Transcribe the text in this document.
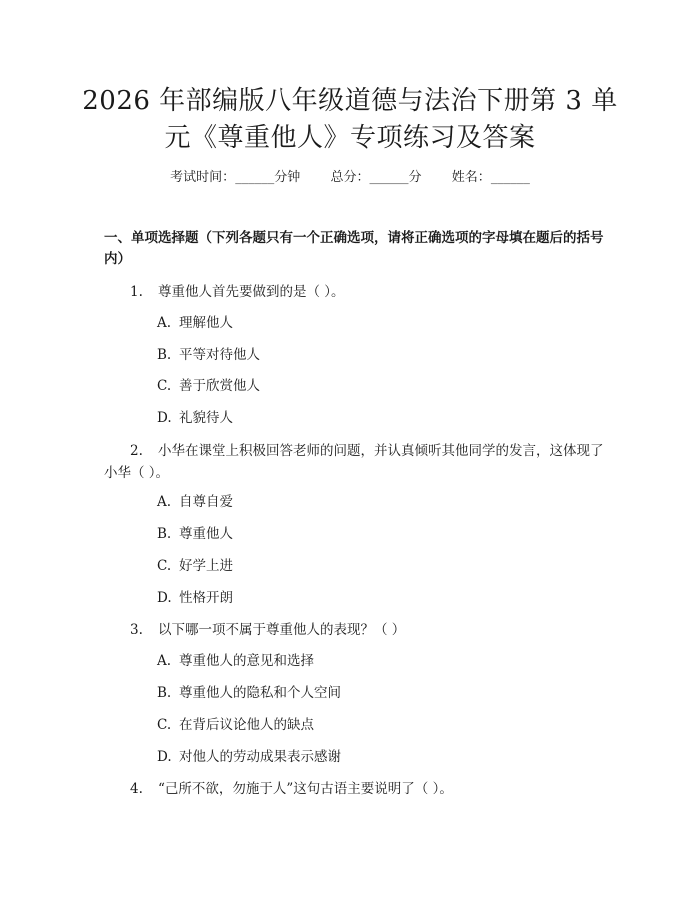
2026 年部编版八年级道德与法治下册第 3 单
元《尊重他人》专项练习及答案
考试时间：______分钟 总分：______分 姓名：______
一、单项选择题（下列各题只有一个正确选项，请将正确选项的字母填在题后的括号内）
1. 尊重他人首先要做到的是（ ）。
A. 理解他人
B. 平等对待他人
C. 善于欣赏他人
D. 礼貌待人
2. 小华在课堂上积极回答老师的问题，并认真倾听其他同学的发言，这体现了小华（ ）。
A. 自尊自爱
B. 尊重他人
C. 好学上进
D. 性格开朗
3. 以下哪一项不属于尊重他人的表现？（ ）
A. 尊重他人的意见和选择
B. 尊重他人的隐私和个人空间
C. 在背后议论他人的缺点
D. 对他人的劳动成果表示感谢
4. “己所不欲，勿施于人”这句古语主要说明了（ ）。
